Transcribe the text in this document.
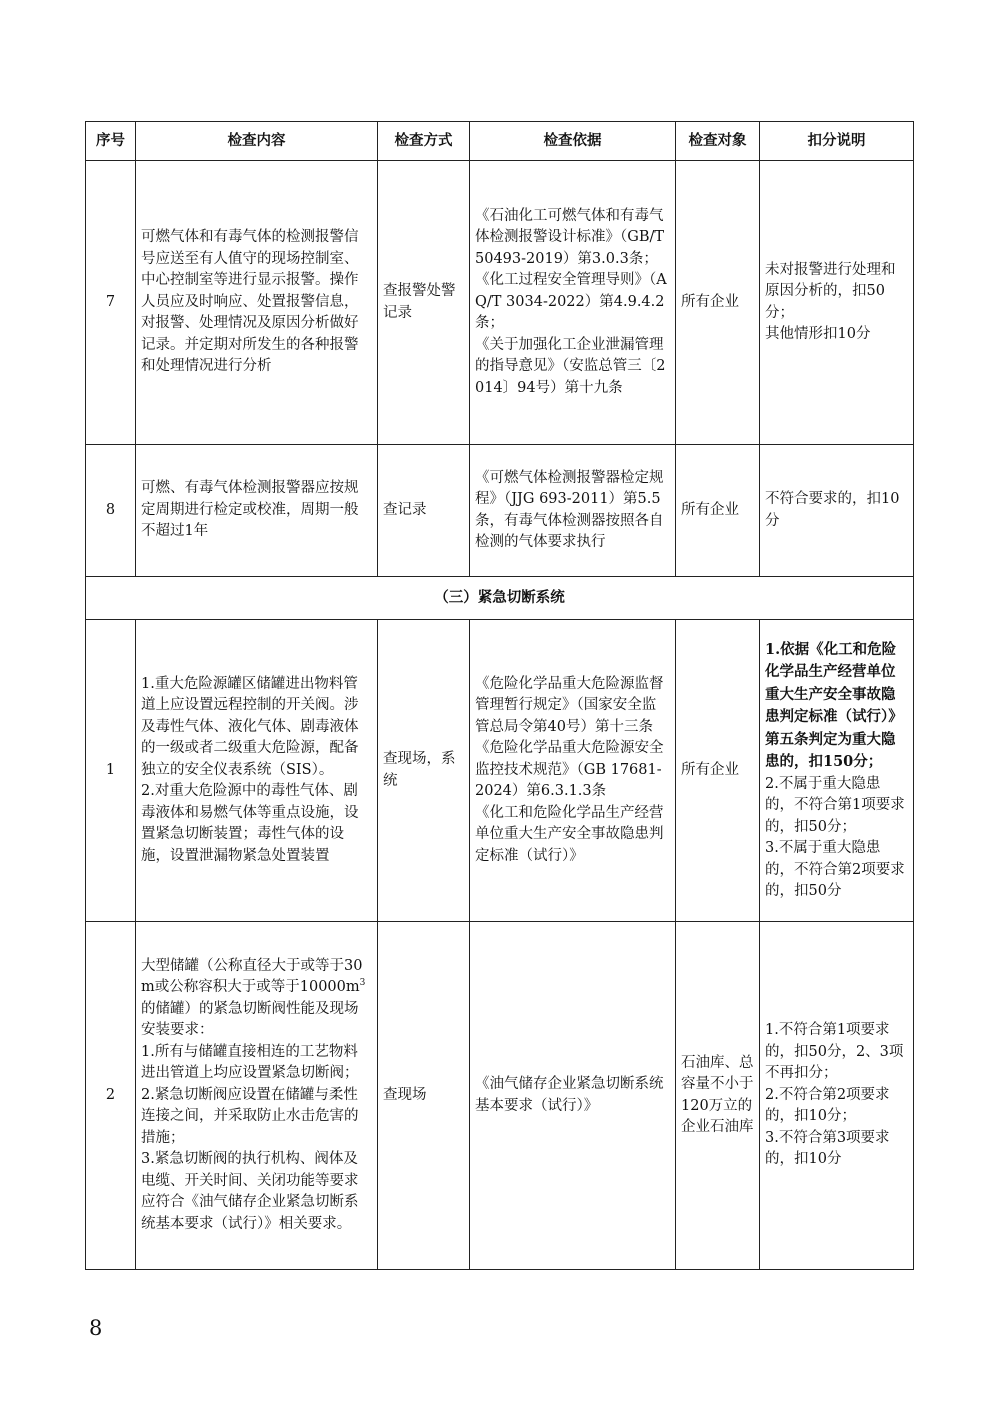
序号	检查内容	检查方式	检查依据	检查对象	扣分说明
7	可燃气体和有毒气体的检测报警信号应送至有人值守的现场控制室、中心控制室等进行显示报警。操作人员应及时响应、处置报警信息，对报警、处理情况及原因分析做好记录。并定期对所发生的各种报警和处理情况进行分析	查报警处警记录	《石油化工可燃气体和有毒气体检测报警设计标准》（GB/T 50493-2019）第3.0.3条；
《化工过程安全管理导则》（AQ/T 3034-2022）第4.9.4.2条；
《关于加强化工企业泄漏管理的指导意见》（安监总管三〔2014〕94号）第十九条	所有企业	未对报警进行处理和原因分析的，扣50分；
其他情形扣10分
8	可燃、有毒气体检测报警器应按规定周期进行检定或校准，周期一般不超过1年	查记录	《可燃气体检测报警器检定规程》（JJG 693-2011）第5.5条，有毒气体检测器按照各自检测的气体要求执行	所有企业	不符合要求的，扣10分
（三）紧急切断系统					
1	1.重大危险源罐区储罐进出物料管道上应设置远程控制的开关阀。涉及毒性气体、液化气体、剧毒液体的一级或者二级重大危险源，配备独立的安全仪表系统（SIS）。
2.对重大危险源中的毒性气体、剧毒液体和易燃气体等重点设施，设置紧急切断装置；毒性气体的设施，设置泄漏物紧急处置装置	查现场，系统	《危险化学品重大危险源监督管理暂行规定》（国家安全监管总局令第40号）第十三条
《危险化学品重大危险源安全监控技术规范》（GB 17681-2024）第6.3.1.3条
《化工和危险化学品生产经营单位重大生产安全事故隐患判定标准（试行）》	所有企业	1.依据《化工和危险化学品生产经营单位重大生产安全事故隐患判定标准（试行）》第五条判定为重大隐患的，扣150分；
2.不属于重大隐患的，不符合第1项要求的，扣50分；
3.不属于重大隐患的，不符合第2项要求的，扣50分

2	大型储罐（公称直径大于或等于30m或公称容积大于或等于$10000m^3$的储罐）的紧急切断阀性能及现场安装要求：
1.所有与储罐直接相连的工艺物料进出管道上均应设置紧急切断阀；
2.紧急切断阀应设置在储罐与柔性连接之间，并采取防止水击危害的措施；
3.紧急切断阀的执行机构、阀体及电缆、开关时间、关闭功能等要求应符合《油气储存企业紧急切断系统基本要求（试行）》相关要求。	查现场	《油气储存企业紧急切断系统基本要求（试行）》	石油库、总容量不小于120万立的企业石油库	1.不符合第1项要求的，扣50分，2、3项不再扣分；
2.不符合第2项要求的，扣10分；
3.不符合第3项要求的，扣10分
8
